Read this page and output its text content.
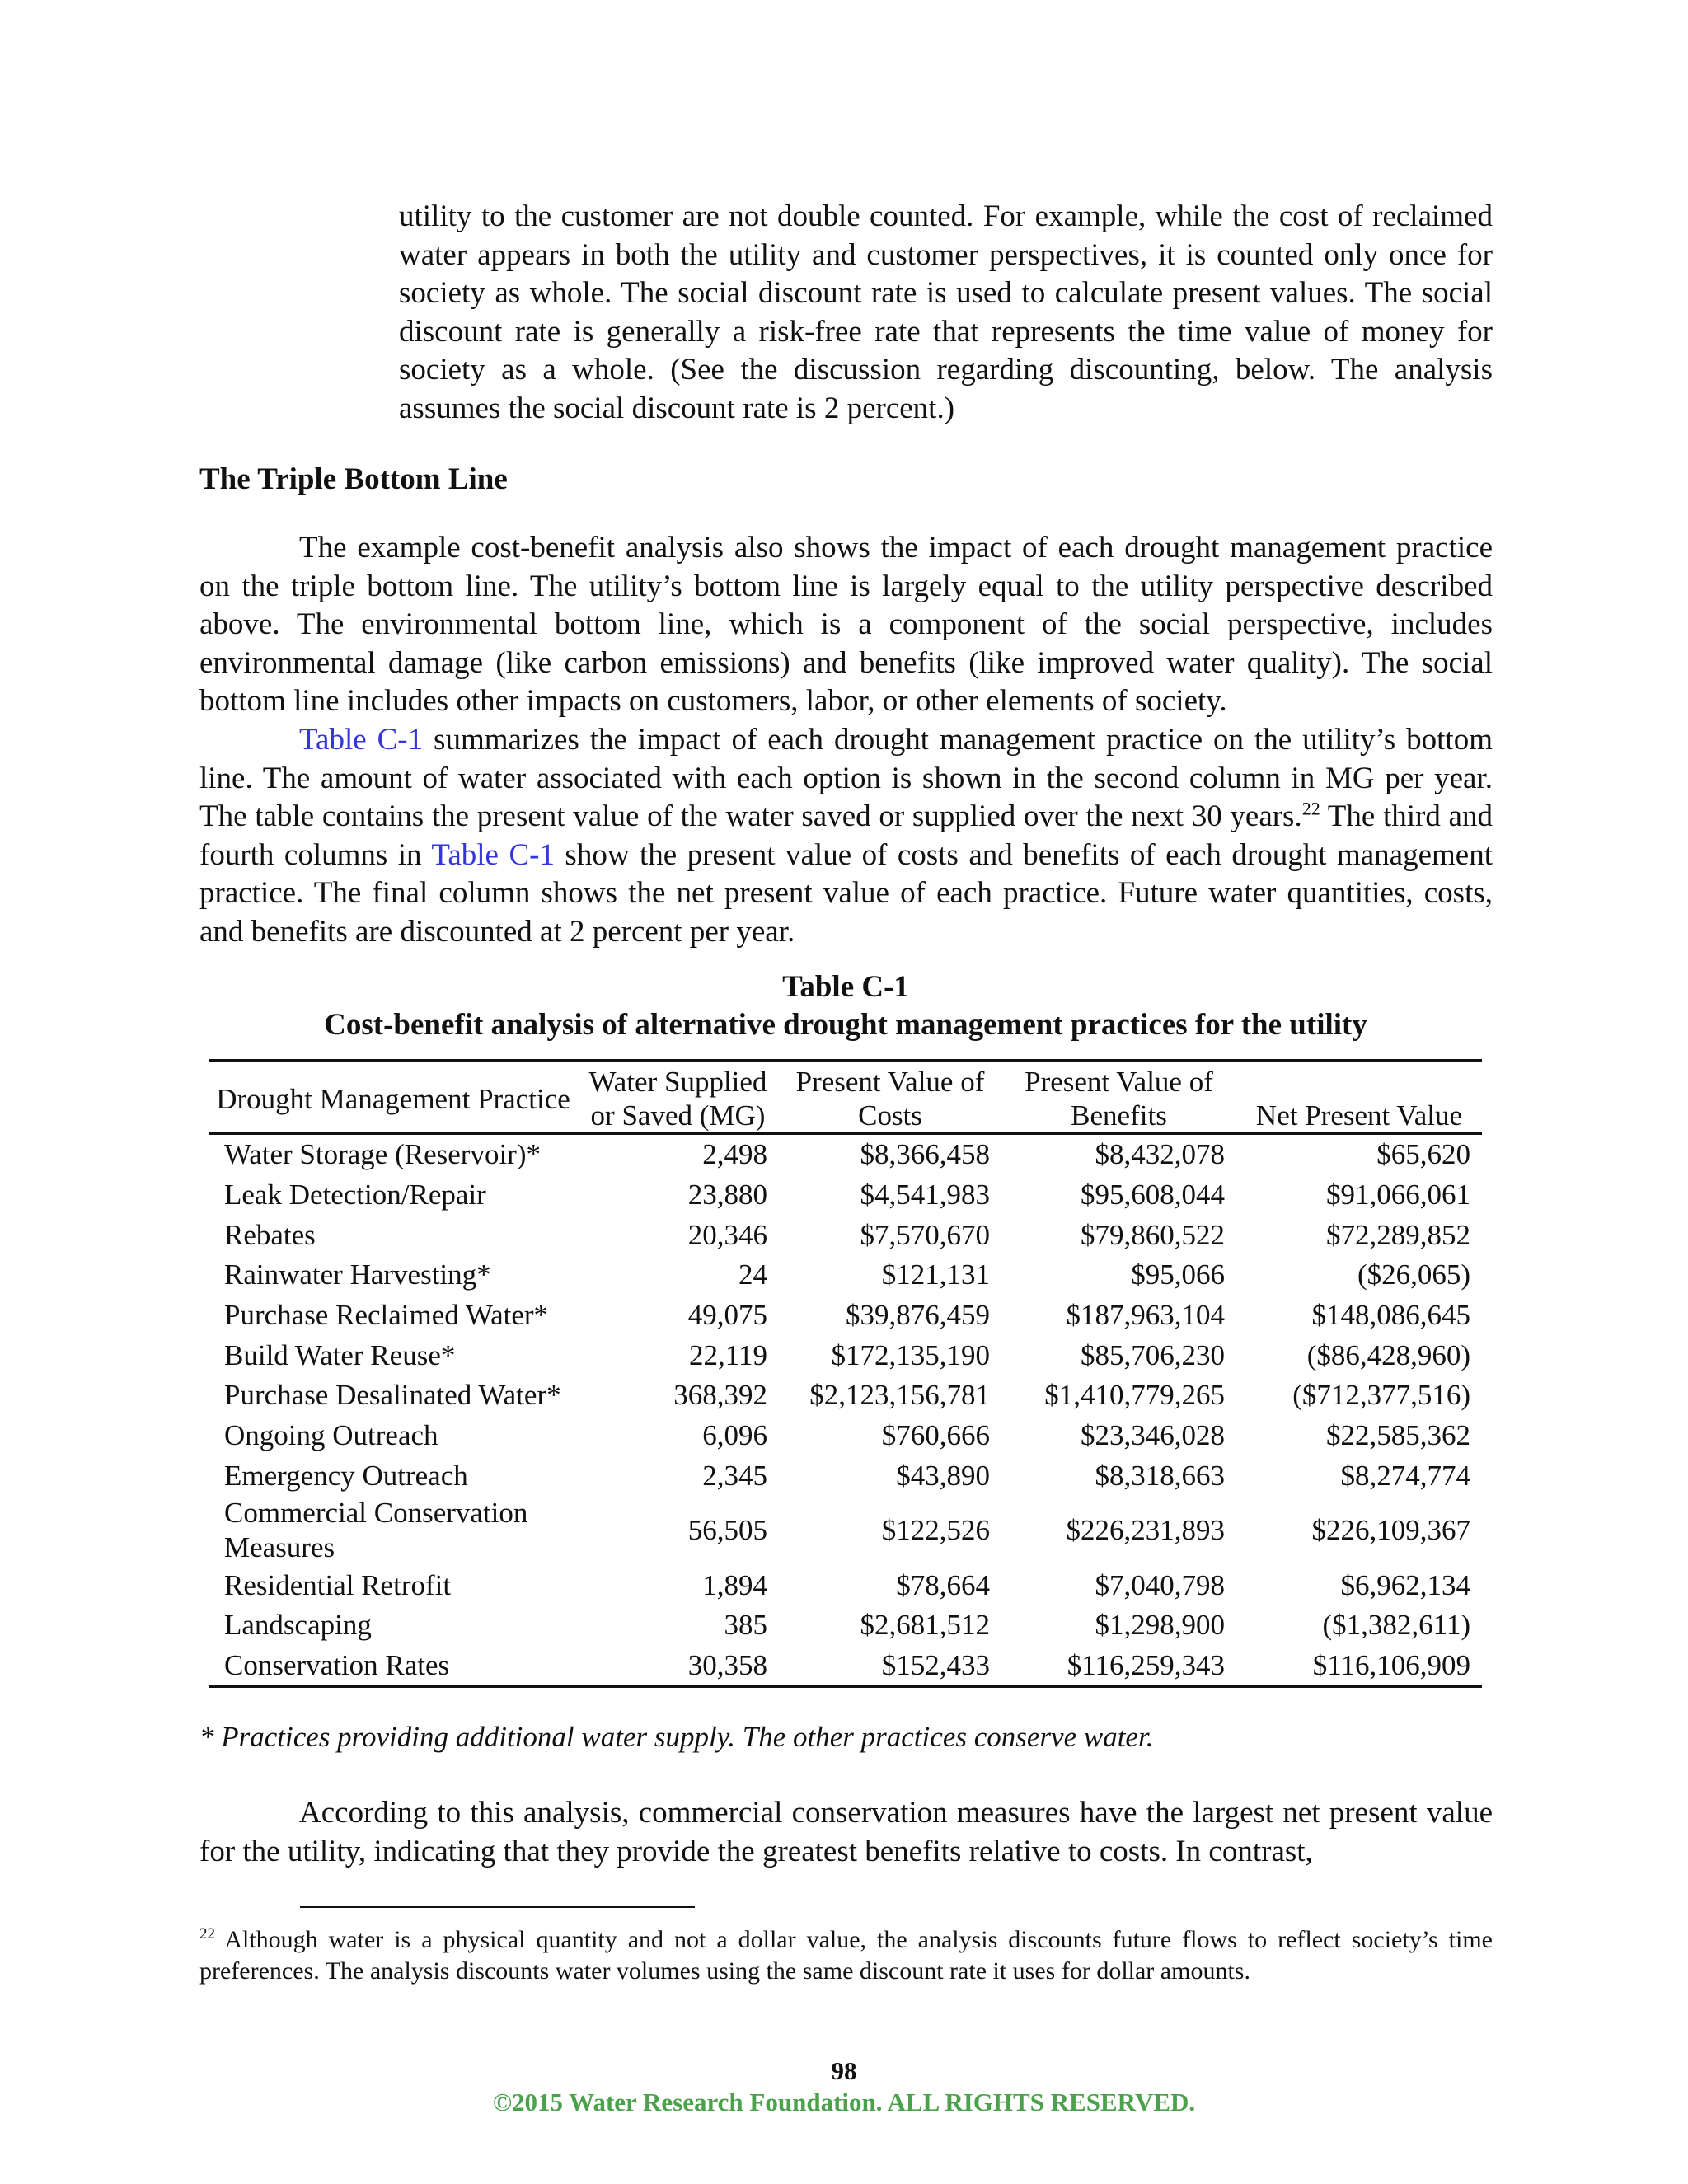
utility to the customer are not double counted. For example, while the cost of reclaimed water appears in both the utility and customer perspectives, it is counted only once for society as whole. The social discount rate is used to calculate present values. The social discount rate is generally a risk-free rate that represents the time value of money for society as a whole. (See the discussion regarding discounting, below. The analysis assumes the social discount rate is 2 percent.)
The Triple Bottom Line
The example cost-benefit analysis also shows the impact of each drought management practice on the triple bottom line. The utility’s bottom line is largely equal to the utility perspective described above. The environmental bottom line, which is a component of the social perspective, includes environmental damage (like carbon emissions) and benefits (like improved water quality). The social bottom line includes other impacts on customers, labor, or other elements of society.
Table C-1 summarizes the impact of each drought management practice on the utility’s bottom line. The amount of water associated with each option is shown in the second column in MG per year. The table contains the present value of the water saved or supplied over the next 30 years.$^{22}$ The third and fourth columns in Table C-1 show the present value of costs and benefits of each drought management practice. The final column shows the net present value of each practice. Future water quantities, costs, and benefits are discounted at 2 percent per year.
Table C-1
Cost-benefit analysis of alternative drought management practices for the utility
Drought Management Practice	Water Supplied or Saved (MG)	Present Value of Costs	Present Value of Benefits	Net Present Value
Water Storage (Reservoir)*	2,498	$8,366,458	$8,432,078	$65,620
Leak Detection/Repair	23,880	$4,541,983	$95,608,044	$91,066,061
Rebates	20,346	$7,570,670	$79,860,522	$72,289,852
Rainwater Harvesting*	24	$121,131	$95,066	($26,065)
Purchase Reclaimed Water*	49,075	$39,876,459	$187,963,104	$148,086,645
Build Water Reuse*	22,119	$172,135,190	$85,706,230	($86,428,960)
Purchase Desalinated Water*	368,392	$2,123,156,781	$1,410,779,265	($712,377,516)
Ongoing Outreach	6,096	$760,666	$23,346,028	$22,585,362
Emergency Outreach	2,345	$43,890	$8,318,663	$8,274,774
Commercial Conservation Measures	56,505	$122,526	$226,231,893	$226,109,367
Residential Retrofit	1,894	$78,664	$7,040,798	$6,962,134
Landscaping	385	$2,681,512	$1,298,900	($1,382,611)
Conservation Rates	30,358	$152,433	$116,259,343	$116,106,909
* Practices providing additional water supply. The other practices conserve water.
According to this analysis, commercial conservation measures have the largest net present value for the utility, indicating that they provide the greatest benefits relative to costs. In contrast,
$^{22}$ Although water is a physical quantity and not a dollar value, the analysis discounts future flows to reflect society’s time preferences. The analysis discounts water volumes using the same discount rate it uses for dollar amounts.
98
©2015 Water Research Foundation. ALL RIGHTS RESERVED.
